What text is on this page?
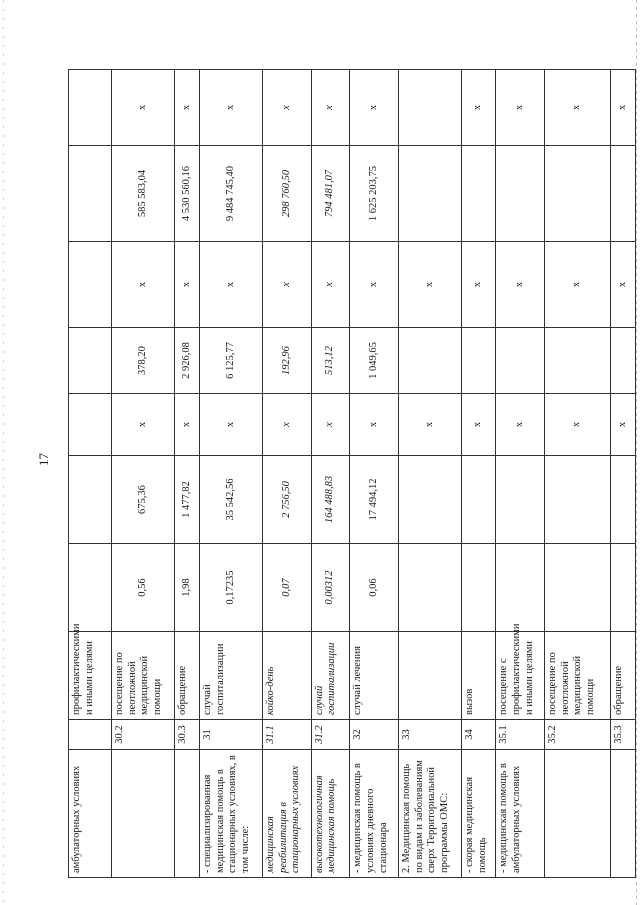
17
амбулаторных условиях		профилактическими и иными целями							
	30.2	посещение по неотложной медицинской помощи	0,56	675,36	х	378,20	х	585 583,04	х
	30.3	обращение	1,98	1 477,82	х	2 926,08	х	4 530 560,16	х
- специализированная медицинская помощь в стационарных условиях, в том числе:	31	случай госпитализации	0,17235	35 542,56	х	6 125,77	х	9 484 745,40	х
медицинская реабилитация в стационарных условиях	31.1	койко-день	0,07	2 756,50	х	192,96	х	298 760,50	х
высокотехнологичная медицинская помощь	31.2	случай госпитализации	0,00312	164 488,83	х	513,12	х	794 481,07	х
- медицинская помощь в условиях дневного стационара	32	случай лечения	0,06	17 494,12	х	1 049,65	х	1 625 203,75	х
2. Медицинская помощь по видам и заболеваниям сверх Территориальной программы ОМС:	33				х		х		
- скорая медицинская помощь	34	вызов			х		х		х
- медицинская помощь в амбулаторных условиях	35.1	посещение с профилактическими и иными целями			х		х		х
	35.2	посещение по неотложной медицинской помощи			х		х		х
	35.3	обращение			х		х		х
